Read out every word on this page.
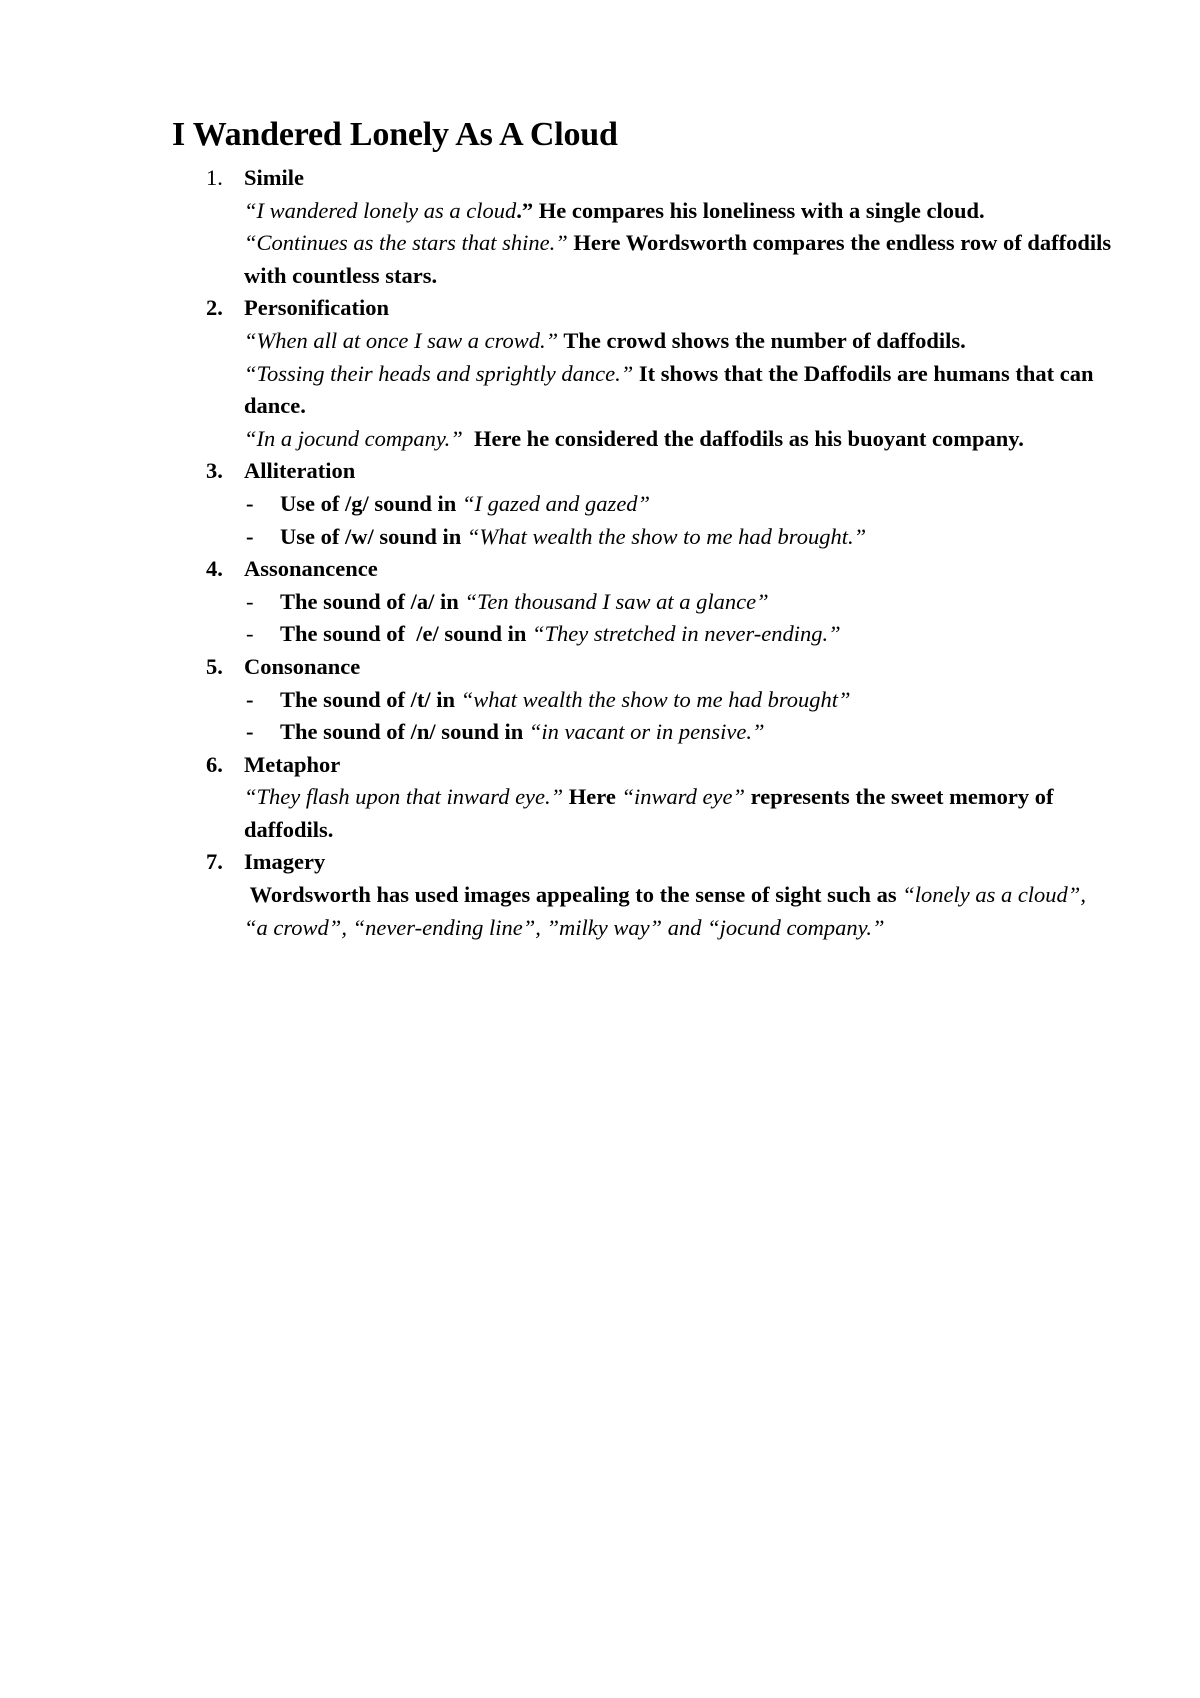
I Wandered Lonely As A Cloud
1. Simile
“I wandered lonely as a cloud.” He compares his loneliness with a single cloud.
“Continues as the stars that shine.” Here Wordsworth compares the endless row of daffodils with countless stars.
2. Personification
“When all at once I saw a crowd.” The crowd shows the number of daffodils.
“Tossing their heads and sprightly dance.” It shows that the Daffodils are humans that can dance.
“In a jocund company.”  Here he considered the daffodils as his buoyant company.
3. Alliteration
- Use of /g/ sound in “I gazed and gazed”
- Use of /w/ sound in “What wealth the show to me had brought.”
4. Assonancence
- The sound of /a/ in “Ten thousand I saw at a glance”
- The sound of  /e/ sound in “They stretched in never-ending.”
5. Consonance
- The sound of /t/ in “what wealth the show to me had brought”
- The sound of /n/ sound in “in vacant or in pensive.”
6. Metaphor
“They flash upon that inward eye.” Here “inward eye” represents the sweet memory of daffodils.
7. Imagery
Wordsworth has used images appealing to the sense of sight such as “lonely as a cloud”, “a crowd”, “never-ending line”, ”milky way” and “jocund company.”
